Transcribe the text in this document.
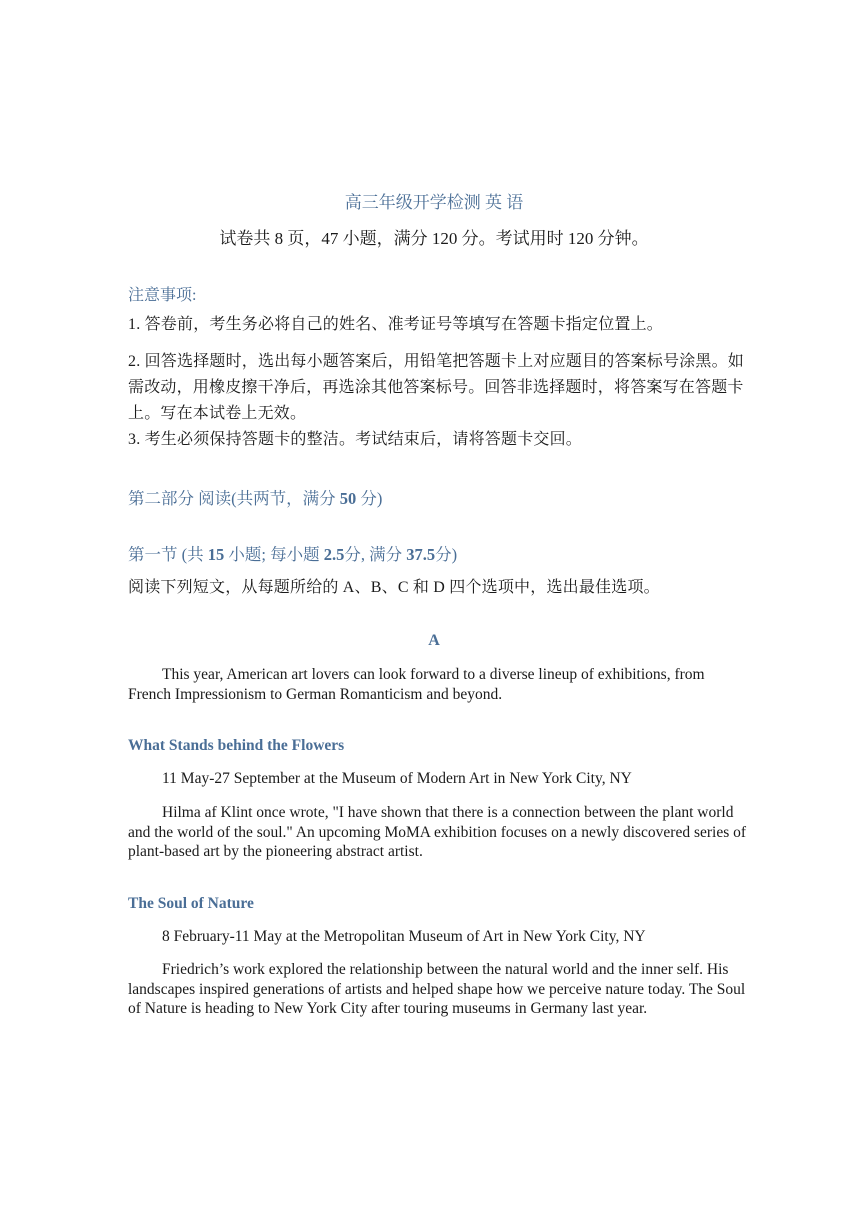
高三年级开学检测 英 语
试卷共 8 页，47 小题，满分 120 分。考试用时 120 分钟。
注意事项:
1. 答卷前，考生务必将自己的姓名、准考证号等填写在答题卡指定位置上。
2. 回答选择题时，选出每小题答案后，用铅笔把答题卡上对应题目的答案标号涂黑。如需改动，用橡皮擦干净后，再选涂其他答案标号。回答非选择题时，将答案写在答题卡上。写在本试卷上无效。
3. 考生必须保持答题卡的整洁。考试结束后，请将答题卡交回。
第二部分 阅读(共两节，满分 50 分)
第一节 (共 15 小题; 每小题 2.5分, 满分 37.5分)
阅读下列短文，从每题所给的 A、B、C 和 D 四个选项中，选出最佳选项。
A
This year, American art lovers can look forward to a diverse lineup of exhibitions, from French Impressionism to German Romanticism and beyond.
What Stands behind the Flowers
11 May-27 September at the Museum of Modern Art in New York City, NY
Hilma af Klint once wrote, "I have shown that there is a connection between the plant world and the world of the soul." An upcoming MoMA exhibition focuses on a newly discovered series of plant-based art by the pioneering abstract artist.
The Soul of Nature
8 February-11 May at the Metropolitan Museum of Art in New York City, NY
Friedrich’s work explored the relationship between the natural world and the inner self. His landscapes inspired generations of artists and helped shape how we perceive nature today. The Soul of Nature is heading to New York City after touring museums in Germany last year.
